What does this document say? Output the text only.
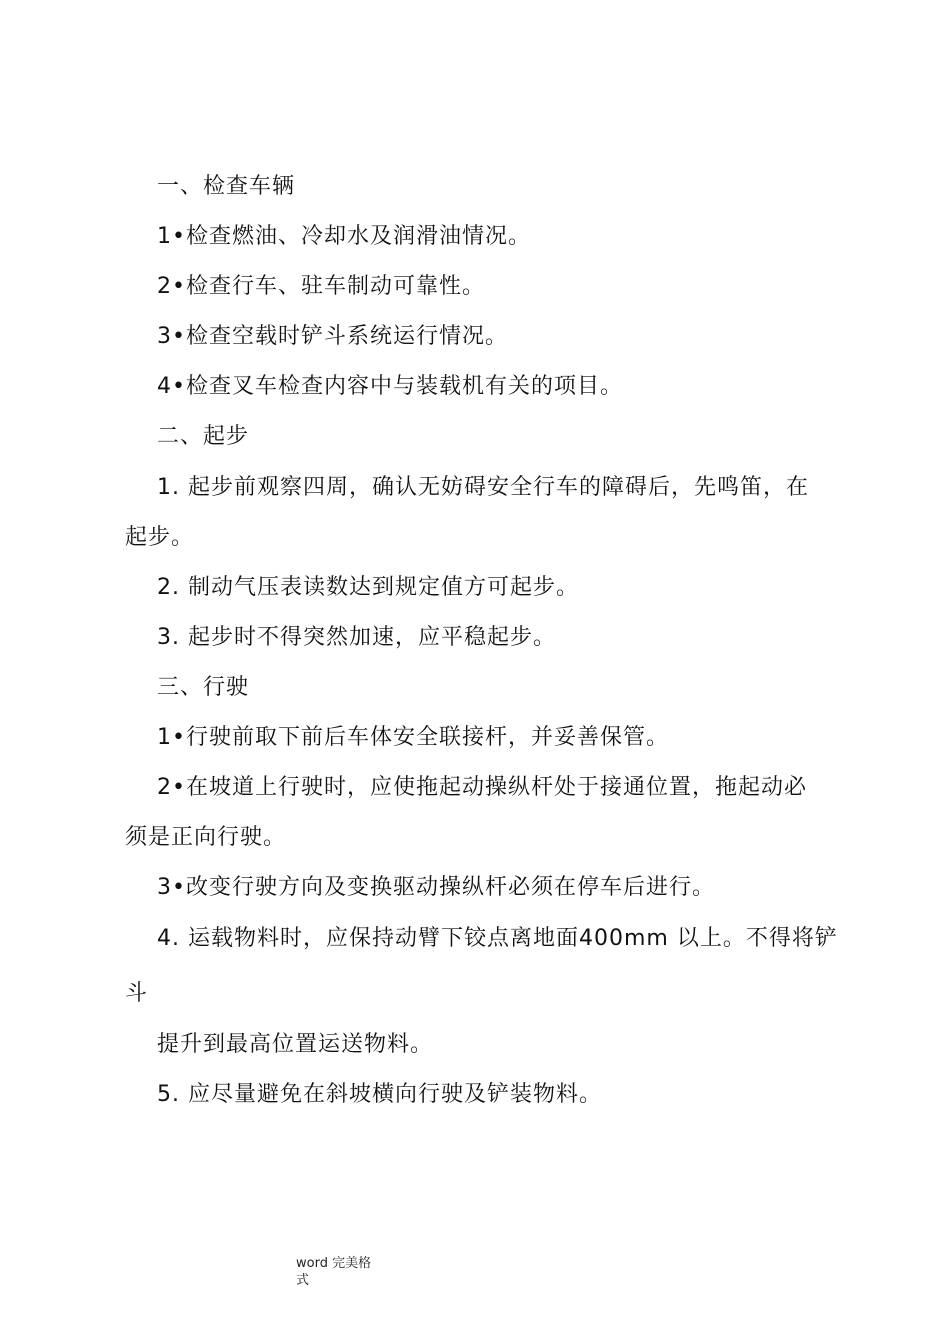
一、检查车辆
1•检查燃油、冷却水及润滑油情况。
2•检查行车、驻车制动可靠性。
3•检查空载时铲斗系统运行情况。
4•检查叉车检查内容中与装载机有关的项目。
二、起步
1. 起步前观察四周，确认无妨碍安全行车的障碍后，先鸣笛，在
起步。
2. 制动气压表读数达到规定值方可起步。
3. 起步时不得突然加速，应平稳起步。
三、行驶
1•行驶前取下前后车体安全联接杆，并妥善保管。
2•在坡道上行驶时，应使拖起动操纵杆处于接通位置，拖起动必
须是正向行驶。
3•改变行驶方向及变换驱动操纵杆必须在停车后进行。
4. 运载物料时，应保持动臂下铰点离地面400mm 以上。不得将铲
斗
提升到最高位置运送物料。
5. 应尽量避免在斜坡横向行驶及铲装物料。
word 完美格
式
